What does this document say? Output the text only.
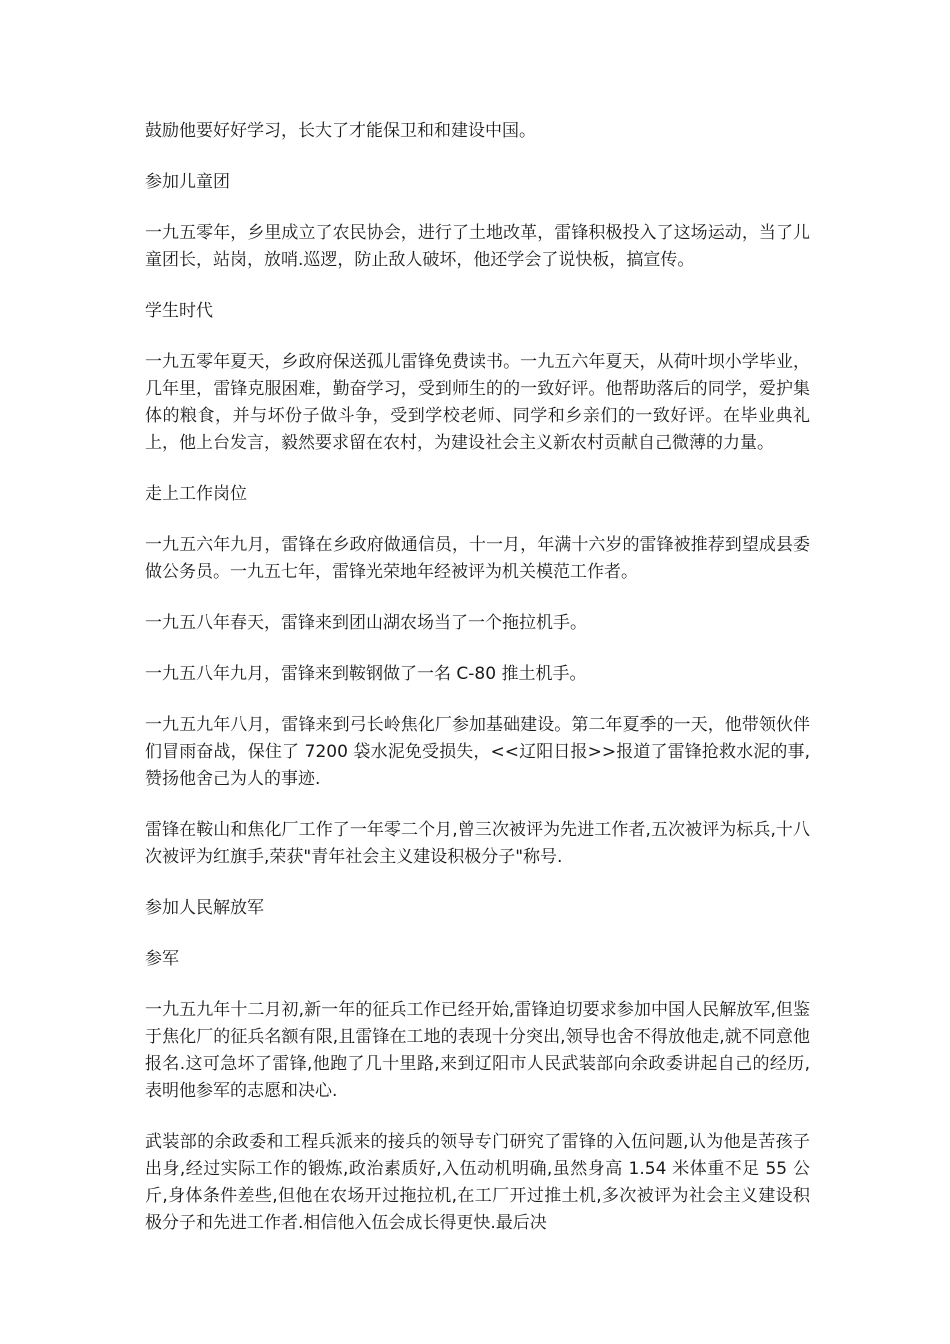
鼓励他要好好学习，长大了才能保卫和和建设中国。

参加儿童团

一九五零年，乡里成立了农民协会，进行了土地改革，雷锋积极投入了这场运动，当了儿童团长，站岗，放哨.巡逻，防止敌人破坏，他还学会了说快板，搞宣传。

学生时代

一九五零年夏天，乡政府保送孤儿雷锋免费读书。一九五六年夏天，从荷叶坝小学毕业，几年里，雷锋克服困难，勤奋学习，受到师生的的一致好评。他帮助落后的同学，爱护集体的粮食，并与坏份子做斗争，受到学校老师、同学和乡亲们的一致好评。在毕业典礼上，他上台发言，毅然要求留在农村，为建设社会主义新农村贡献自己微薄的力量。

走上工作岗位

一九五六年九月，雷锋在乡政府做通信员，十一月，年满十六岁的雷锋被推荐到望成县委做公务员。一九五七年，雷锋光荣地年经被评为机关模范工作者。

一九五八年春天，雷锋来到团山湖农场当了一个拖拉机手。

一九五八年九月，雷锋来到鞍钢做了一名 C-80 推土机手。

一九五九年八月，雷锋来到弓长岭焦化厂参加基础建设。第二年夏季的一天，他带领伙伴们冒雨奋战，保住了 7200 袋水泥免受损失，<<辽阳日报>>报道了雷锋抢救水泥的事,赞扬他舍己为人的事迹.

雷锋在鞍山和焦化厂工作了一年零二个月,曾三次被评为先进工作者,五次被评为标兵,十八次被评为红旗手,荣获"青年社会主义建设积极分子"称号.

参加人民解放军

参军

一九五九年十二月初,新一年的征兵工作已经开始,雷锋迫切要求参加中国人民解放军,但鉴于焦化厂的征兵名额有限,且雷锋在工地的表现十分突出,领导也舍不得放他走,就不同意他报名.这可急坏了雷锋,他跑了几十里路,来到辽阳市人民武装部向余政委讲起自己的经历,表明他参军的志愿和决心.

武装部的余政委和工程兵派来的接兵的领导专门研究了雷锋的入伍问题,认为他是苦孩子出身,经过实际工作的锻炼,政治素质好,入伍动机明确,虽然身高 1.54 米体重不足 55 公斤,身体条件差些,但他在农场开过拖拉机,在工厂开过推土机,多次被评为社会主义建设积极分子和先进工作者.相信他入伍会成长得更快.最后决
